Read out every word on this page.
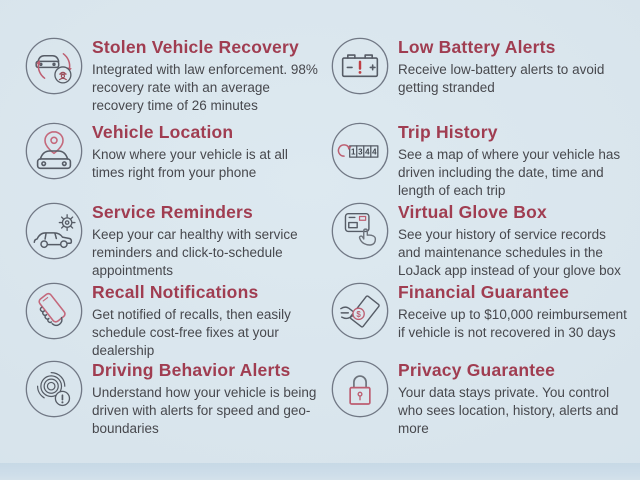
Stolen Vehicle Recovery

Integrated with law enforcement. 98% recovery rate with an average recovery time of 26 minutes

Vehicle Location

Know where your vehicle is at all times right from your phone

Service Reminders

Keep your car healthy with service reminders and click-to-schedule appointments

Recall Notifications

Get notified of recalls, then easily schedule cost-free fixes at your dealership

Driving Behavior Alerts

Understand how your vehicle is being driven with alerts for speed and geo-boundaries

Low Battery Alerts

Receive low-battery alerts to avoid getting stranded

1 3 4 4
Trip History

See a map of where your vehicle has driven including the date, time and length of each trip

Virtual Glove Box

See your history of service records and maintenance schedules in the LoJack app instead of your glove box

$
Financial Guarantee

Receive up to $10,000 reimbursement if vehicle is not recovered in 30 days

Privacy Guarantee

Your data stays private. You control who sees location, history, alerts and more
